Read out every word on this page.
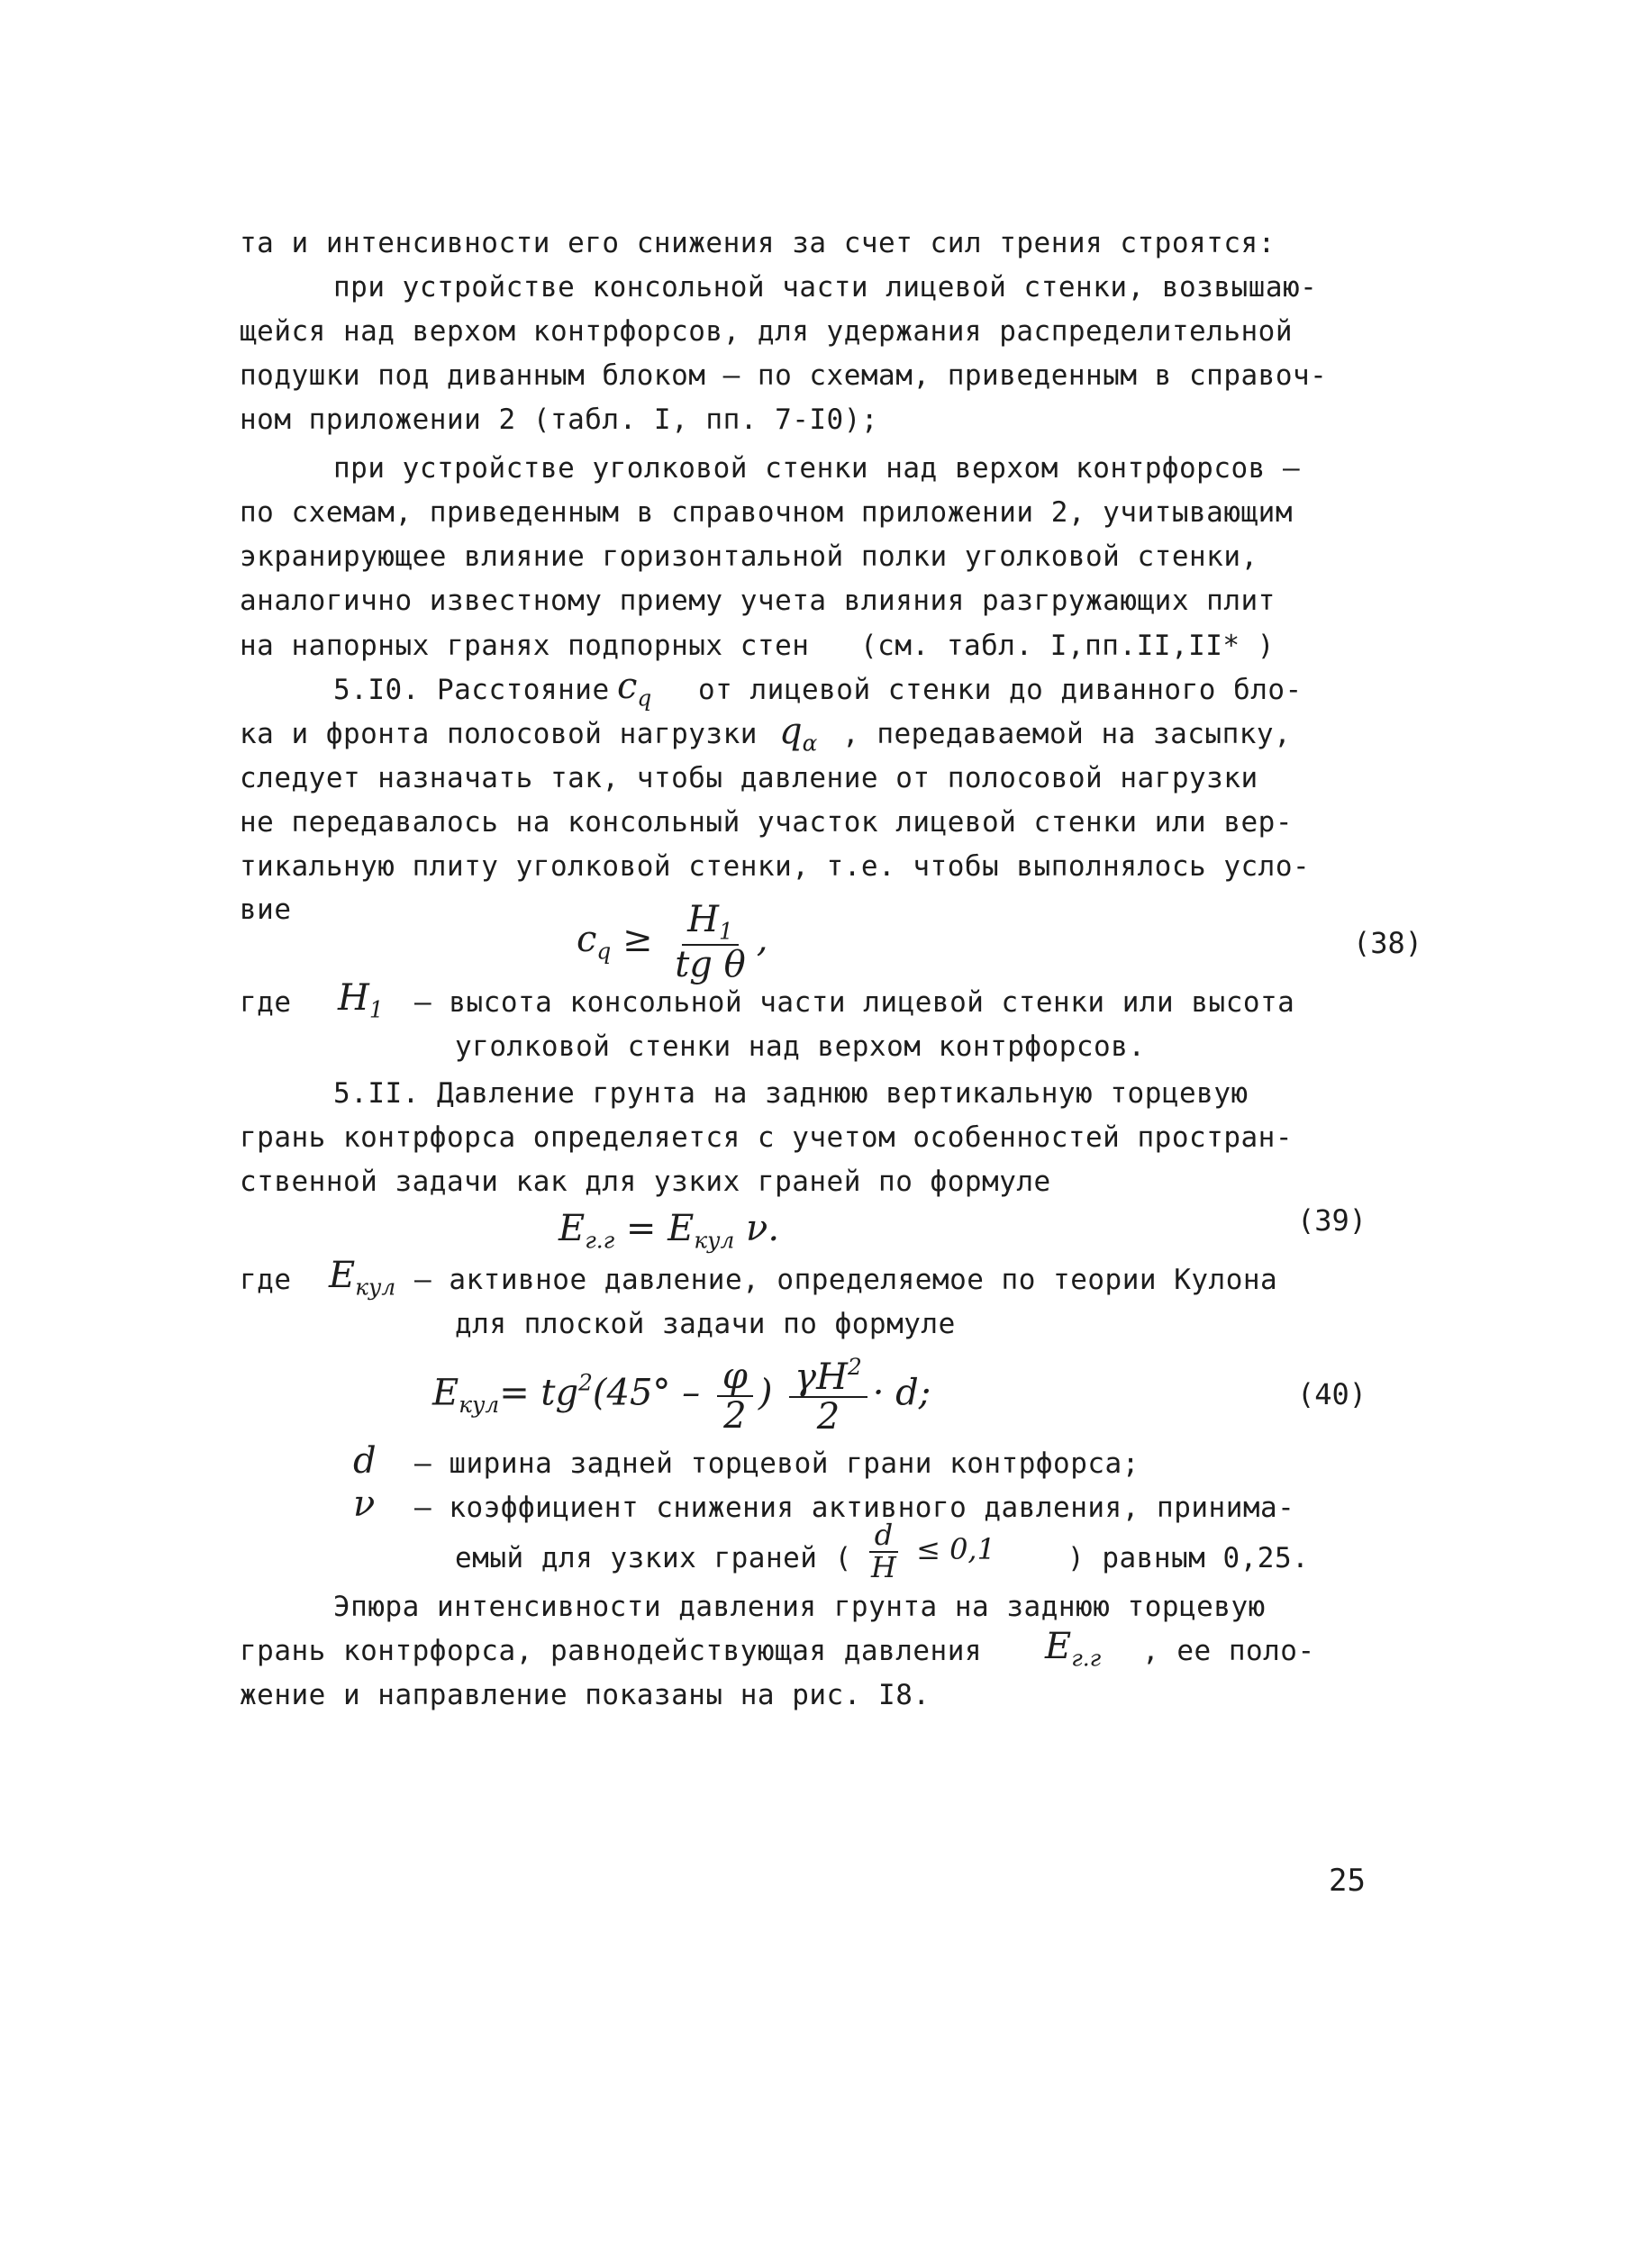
та и интенсивности его снижения за счет сил трения строятся:
при устройстве консольной части лицевой стенки, возвышаю-
щейся над верхом контрфорсов, для удержания распределительной
подушки под диванным блоком – по схемам, приведенным в справоч-
ном приложении 2 (табл. I, пп. 7-I0);
при устройстве уголковой стенки над верхом контрфорсов –
по схемам, приведенным в справочном приложении 2, учитывающим
экранирующее влияние горизонтальной полки уголковой стенки,
аналогично известному приему учета влияния разгружающих плит
на напорных гранях подпорных стен (см. табл. I,пп.II,II* )
5.I0. Расстояние $c_q$ от лицевой стенки до диванного бло-
ка и фронта полосовой нагрузки $q_\alpha$ , передаваемой на засыпку,
следует назначать так, чтобы давление от полосовой нагрузки
не передавалось на консольный участок лицевой стенки или вер-
тикальную плиту уголковой стенки, т.е. чтобы выполнялось усло-
вие
$c_q \ge \frac{H_1}{\text{tg θ}}$ ,	(38)
где $H_1$ – высота консольной части лицевой стенки или высота
уголковой стенки над верхом контрфорсов.
5.II. Давление грунта на заднюю вертикальную торцевую
грань контрфорса определяется с учетом особенностей простран-
ственной задачи как для узких граней по формуле
$E_{г.г} = E_{кул}$ ν.	(39)
где $E_{кул}$ – активное давление, определяемое по теории Кулона
для плоской задачи по формуле
$E_{кул}= tg^2(45^\circ - \frac{\varphi}{2}$ ) $\frac{\gamma H^2}{2} \cdot d$;	(40)
d – ширина задней торцевой грани контрфорса;
ν – коэффициент снижения активного давления, принима-
емый для узких граней ( $\frac{d}{H} \le 0,1$	) равным 0,25.
Эпюра интенсивности давления грунта на заднюю торцевую
грань контрфорса, равнодействующая давления $E_{г.г}$ , ее поло-
жение и направление показаны на рис. I8.
25
